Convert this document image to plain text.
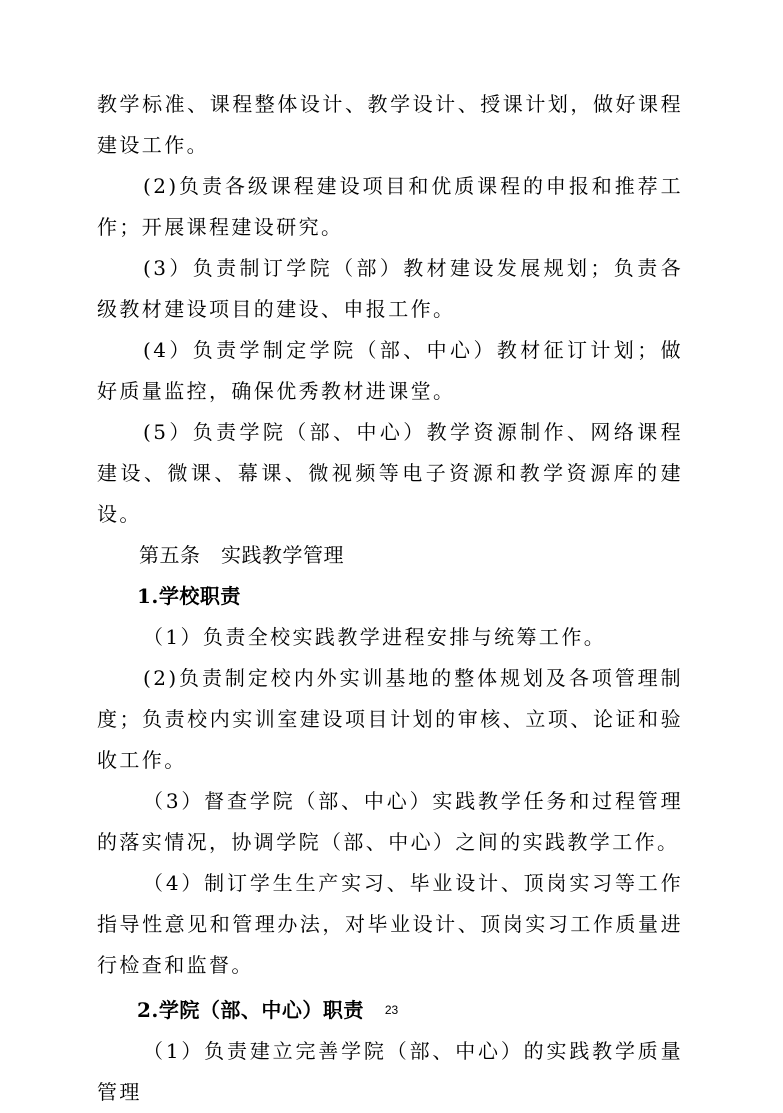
教学标准、课程整体设计、教学设计、授课计划，做好课程建设工作。

(2)负责各级课程建设项目和优质课程的申报和推荐工作；开展课程建设研究。

(3）负责制订学院（部）教材建设发展规划；负责各级教材建设项目的建设、申报工作。

(4）负责学制定学院（部、中心）教材征订计划；做好质量监控，确保优秀教材进课堂。

(5）负责学院（部、中心）教学资源制作、网络课程建设、微课、幕课、微视频等电子资源和教学资源库的建设。

第五条　实践教学管理
1.学校职责

（1）负责全校实践教学进程安排与统筹工作。

(2)负责制定校内外实训基地的整体规划及各项管理制度；负责校内实训室建设项目计划的审核、立项、论证和验收工作。

（3）督查学院（部、中心）实践教学任务和过程管理的落实情况，协调学院（部、中心）之间的实践教学工作。

（4）制订学生生产实习、毕业设计、顶岗实习等工作指导性意见和管理办法，对毕业设计、顶岗实习工作质量进行检查和监督。

2.学院（部、中心）职责

（1）负责建立完善学院（部、中心）的实践教学质量管理

23
